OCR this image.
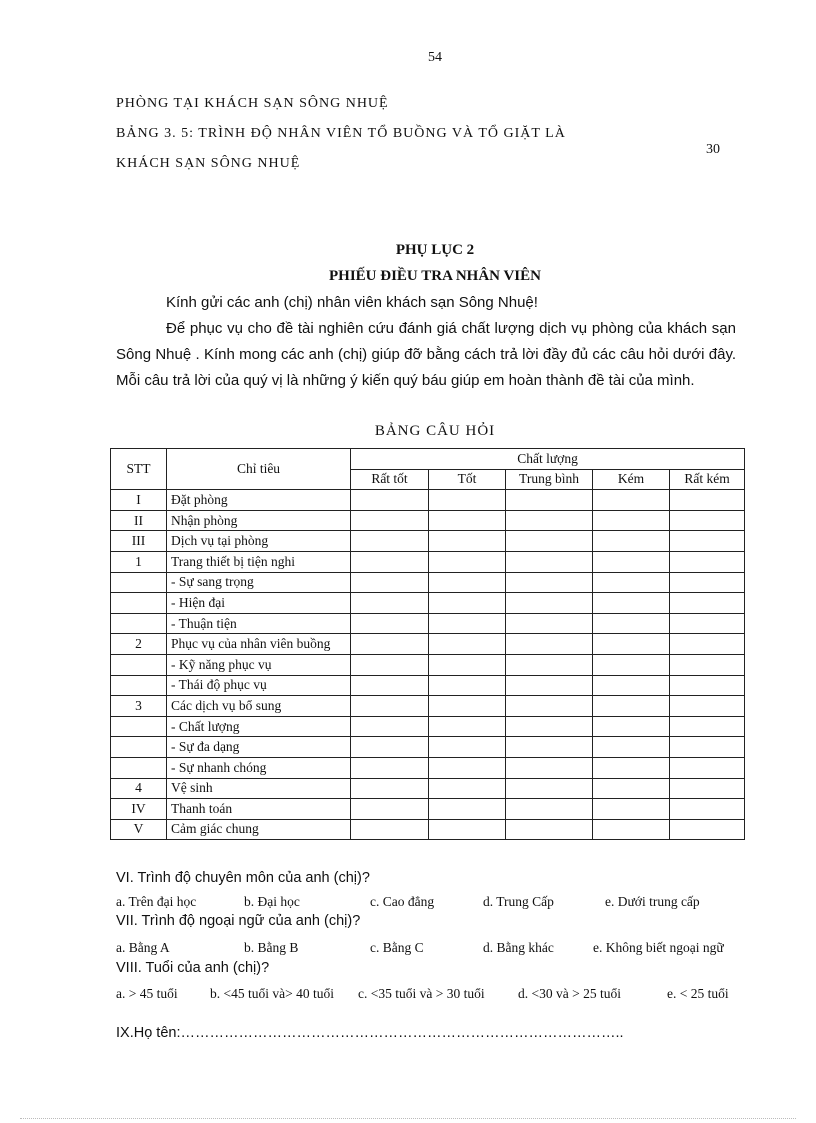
54
PHÒNG TẠI KHÁCH SẠN SÔNG NHUỆ
BẢNG 3. 5: TRÌNH ĐỘ NHÂN VIÊN TỔ BUỒNG VÀ TỔ GIẶT LÀ
KHÁCH SẠN SÔNG NHUỆ
30
PHỤ LỤC 2
PHIẾU ĐIỀU TRA NHÂN VIÊN
Kính gửi các anh (chị) nhân viên khách sạn Sông Nhuệ!
Để phục vụ cho đề tài nghiên cứu đánh giá chất lượng dịch vụ phòng của khách sạn Sông Nhuệ . Kính mong các anh (chị) giúp đỡ bằng cách trả lời đầy đủ các câu hỏi dưới đây. Mỗi câu trả lời của quý vị là những ý kiến quý báu giúp em hoàn thành đề tài của mình.
BẢNG CÂU HỎI
STT	Chỉ tiêu	Chất lượng				
		Rất tốt	Tốt	Trung bình	Kém	Rất kém
I	Đặt phòng					
II	Nhận phòng					
III	Dịch vụ tại phòng					
1	Trang thiết bị tiện nghi					
	- Sự sang trọng					
	- Hiện đại					
	- Thuận tiện					
2	Phục vụ của nhân viên buồng					
	- Kỹ năng phục vụ					
	- Thái độ phục vụ					
3	Các dịch vụ bổ sung					
	- Chất lượng					
	- Sự đa dạng					
	- Sự nhanh chóng					
4	Vệ sinh					
IV	Thanh toán					
V	Cảm giác chung					
VI. Trình độ chuyên môn của anh (chị)?
a. Trên đại học	b. Đại học	c. Cao đẳng	d. Trung Cấp	e. Dưới trung cấp
VII. Trình độ ngoại ngữ của anh (chị)?
a. Bằng A	b. Bằng B	c. Bằng C	d. Bằng khác	e. Không biết ngoại ngữ
VIII. Tuổi của anh (chị)?
a. > 45 tuổi b. <45 tuổi và> 40 tuổi c. <35 tuổi và > 30 tuổi d. <30 và > 25 tuổi	e. < 25 tuổi
IX.Họ tên:………………………………………………………………………………..
